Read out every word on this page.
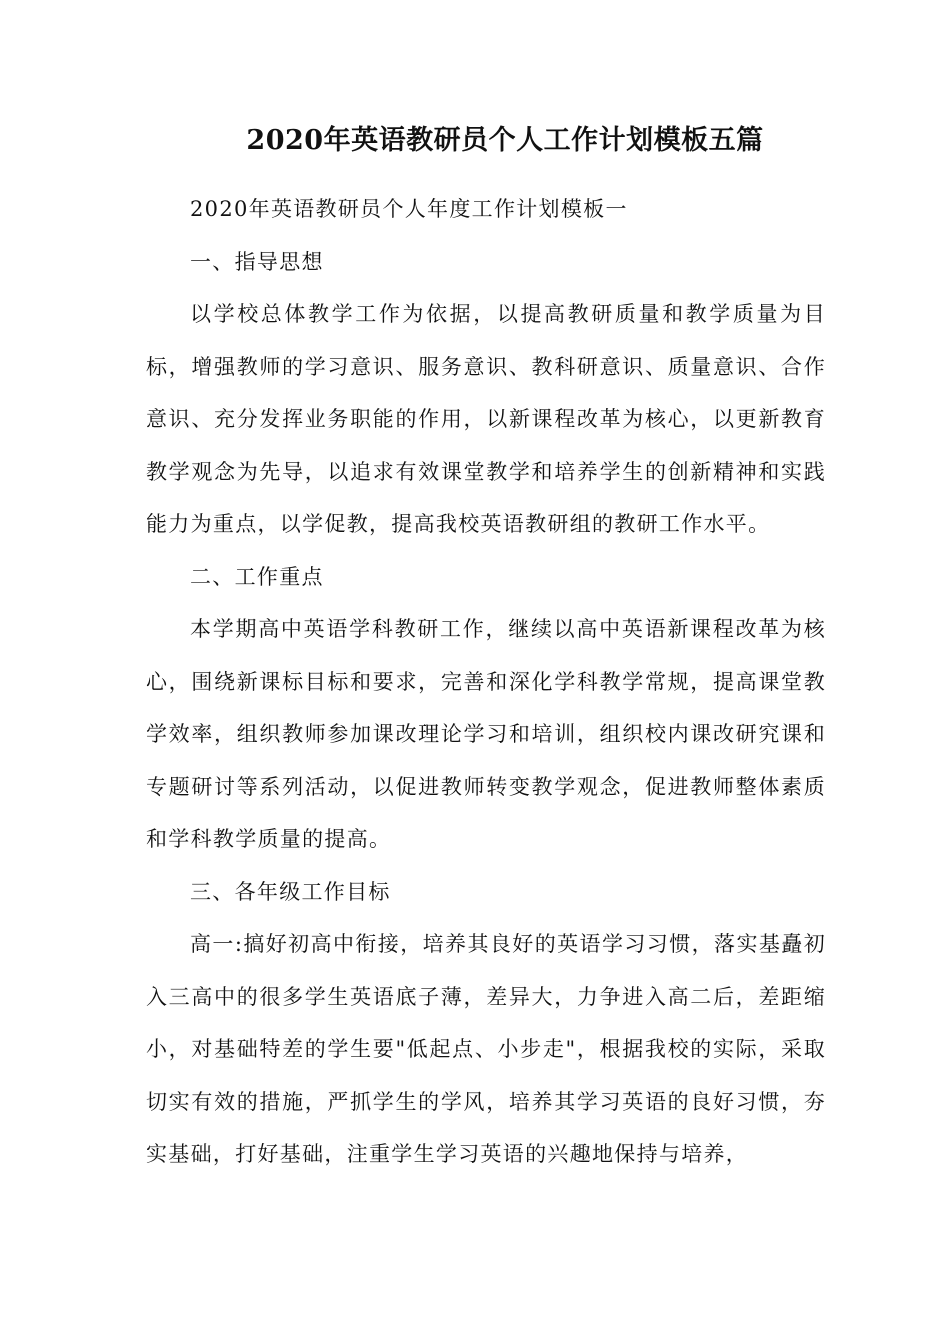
2020年英语教研员个人工作计划模板五篇

2020年英语教研员个人年度工作计划模板一

一、指导思想

以学校总体教学工作为依据，以提高教研质量和教学质量为目标，增强教师的学习意识、服务意识、教科研意识、质量意识、合作意识、充分发挥业务职能的作用，以新课程改革为核心，以更新教育教学观念为先导，以追求有效课堂教学和培养学生的创新精神和实践能力为重点，以学促教，提高我校英语教研组的教研工作水平。

二、工作重点

本学期高中英语学科教研工作，继续以高中英语新课程改革为核心，围绕新课标目标和要求，完善和深化学科教学常规，提高课堂教学效率，组织教师参加课改理论学习和培训，组织校内课改研究课和专题研讨等系列活动，以促进教师转变教学观念，促进教师整体素质和学科教学质量的提高。

三、各年级工作目标

高一:搞好初高中衔接，培养其良好的英语学习习惯，落实基矗初入三高中的很多学生英语底子薄，差异大，力争进入高二后，差距缩小，对基础特差的学生要"低起点、小步走"，根据我校的实际，采取切实有效的措施，严抓学生的学风，培养其学习英语的良好习惯，夯实基础，打好基础，注重学生学习英语的兴趣地保持与培养，
